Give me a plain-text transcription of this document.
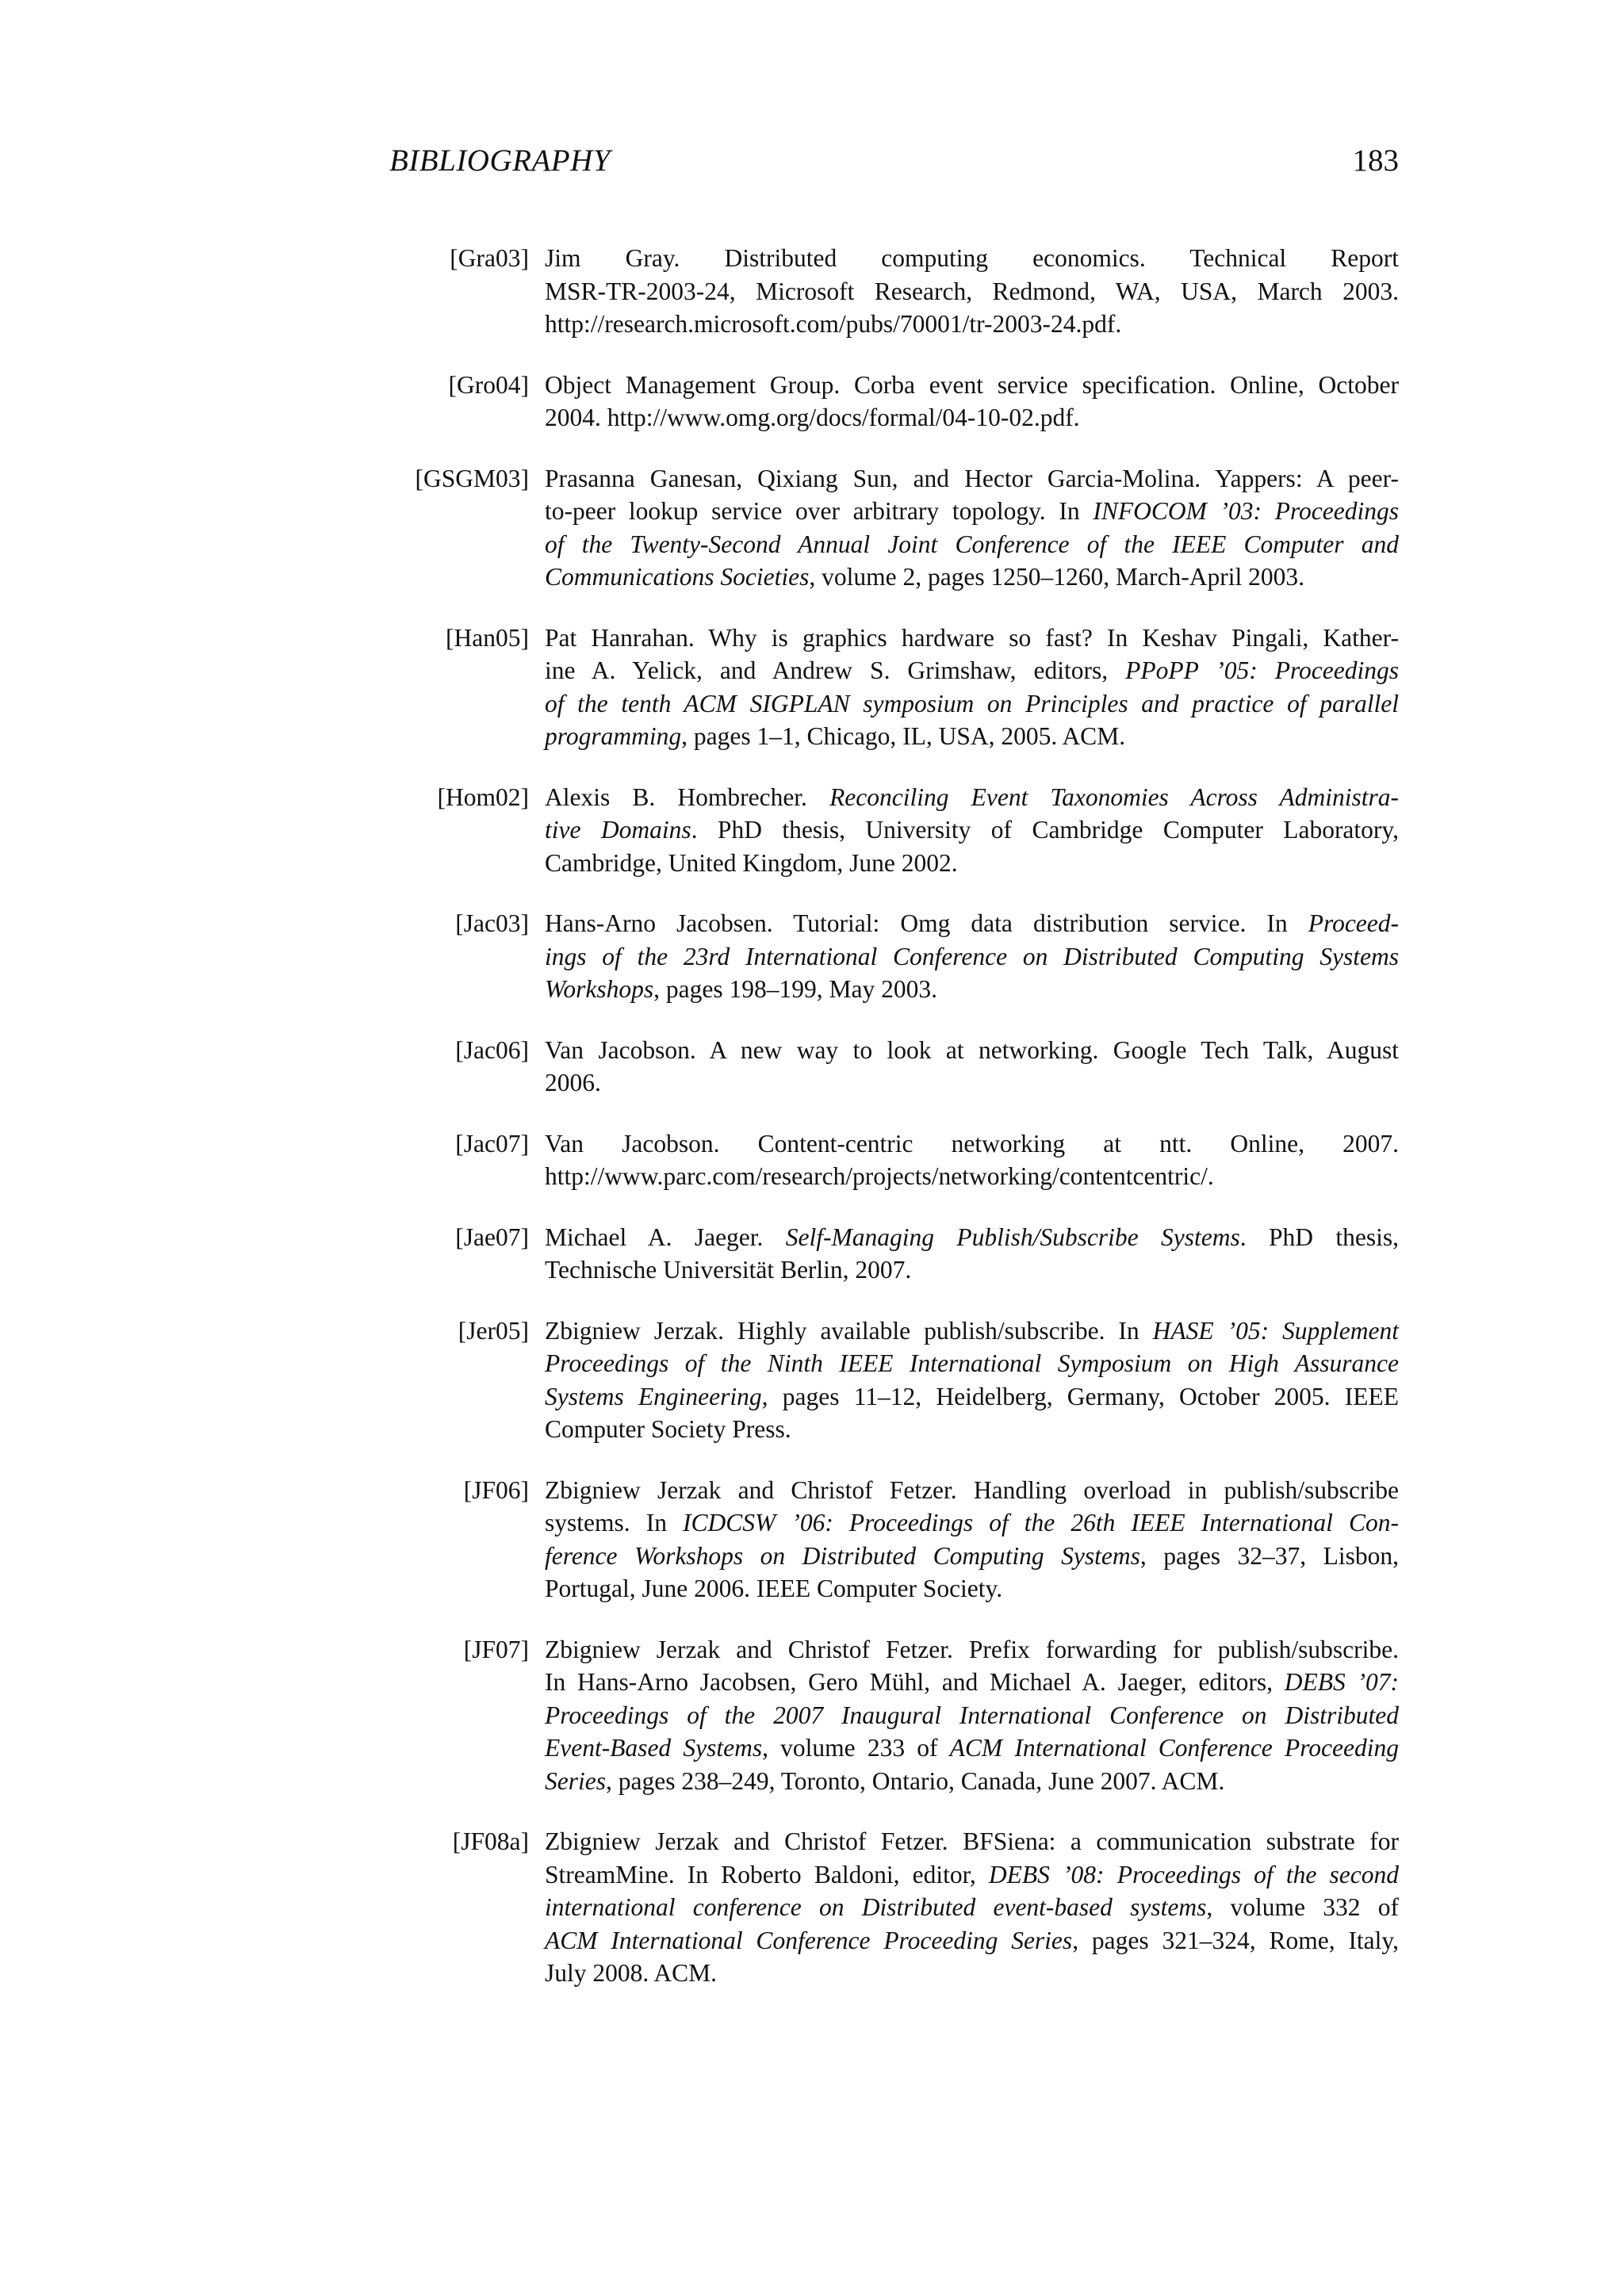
BIBLIOGRAPHY	183
[Gra03] Jim Gray. Distributed computing economics. Technical Report
MSR-TR-2003-24, Microsoft Research, Redmond, WA, USA, March 2003.
http://research.microsoft.com/pubs/70001/tr-2003-24.pdf.
[Gro04] Object Management Group. Corba event service specification. Online, October
2004. http://www.omg.org/docs/formal/04-10-02.pdf.
[GSGM03] Prasanna Ganesan, Qixiang Sun, and Hector Garcia-Molina. Yappers: A peer-
to-peer lookup service over arbitrary topology. In INFOCOM ’03: Proceedings
of the Twenty-Second Annual Joint Conference of the IEEE Computer and
Communications Societies, volume 2, pages 1250–1260, March-April 2003.
[Han05] Pat Hanrahan. Why is graphics hardware so fast? In Keshav Pingali, Kather-
ine A. Yelick, and Andrew S. Grimshaw, editors, PPoPP ’05: Proceedings
of the tenth ACM SIGPLAN symposium on Principles and practice of parallel
programming, pages 1–1, Chicago, IL, USA, 2005. ACM.
[Hom02] Alexis B. Hombrecher. Reconciling Event Taxonomies Across Administra-
tive Domains. PhD thesis, University of Cambridge Computer Laboratory,
Cambridge, United Kingdom, June 2002.
[Jac03] Hans-Arno Jacobsen. Tutorial: Omg data distribution service. In Proceed-
ings of the 23rd International Conference on Distributed Computing Systems
Workshops, pages 198–199, May 2003.
[Jac06] Van Jacobson. A new way to look at networking. Google Tech Talk, August
2006.
[Jac07] Van Jacobson. Content-centric networking at ntt. Online, 2007.
http://www.parc.com/research/projects/networking/contentcentric/.
[Jae07] Michael A. Jaeger. Self-Managing Publish/Subscribe Systems. PhD thesis,
Technische Universität Berlin, 2007.
[Jer05] Zbigniew Jerzak. Highly available publish/subscribe. In HASE ’05: Supplement
Proceedings of the Ninth IEEE International Symposium on High Assurance
Systems Engineering, pages 11–12, Heidelberg, Germany, October 2005. IEEE
Computer Society Press.
[JF06] Zbigniew Jerzak and Christof Fetzer. Handling overload in publish/subscribe
systems. In ICDCSW ’06: Proceedings of the 26th IEEE International Con-
ference Workshops on Distributed Computing Systems, pages 32–37, Lisbon,
Portugal, June 2006. IEEE Computer Society.
[JF07] Zbigniew Jerzak and Christof Fetzer. Prefix forwarding for publish/subscribe.
In Hans-Arno Jacobsen, Gero Mühl, and Michael A. Jaeger, editors, DEBS ’07:
Proceedings of the 2007 Inaugural International Conference on Distributed
Event-Based Systems, volume 233 of ACM International Conference Proceeding
Series, pages 238–249, Toronto, Ontario, Canada, June 2007. ACM.
[JF08a] Zbigniew Jerzak and Christof Fetzer. BFSiena: a communication substrate for
StreamMine. In Roberto Baldoni, editor, DEBS ’08: Proceedings of the second
international conference on Distributed event-based systems, volume 332 of
ACM International Conference Proceeding Series, pages 321–324, Rome, Italy,
July 2008. ACM.
